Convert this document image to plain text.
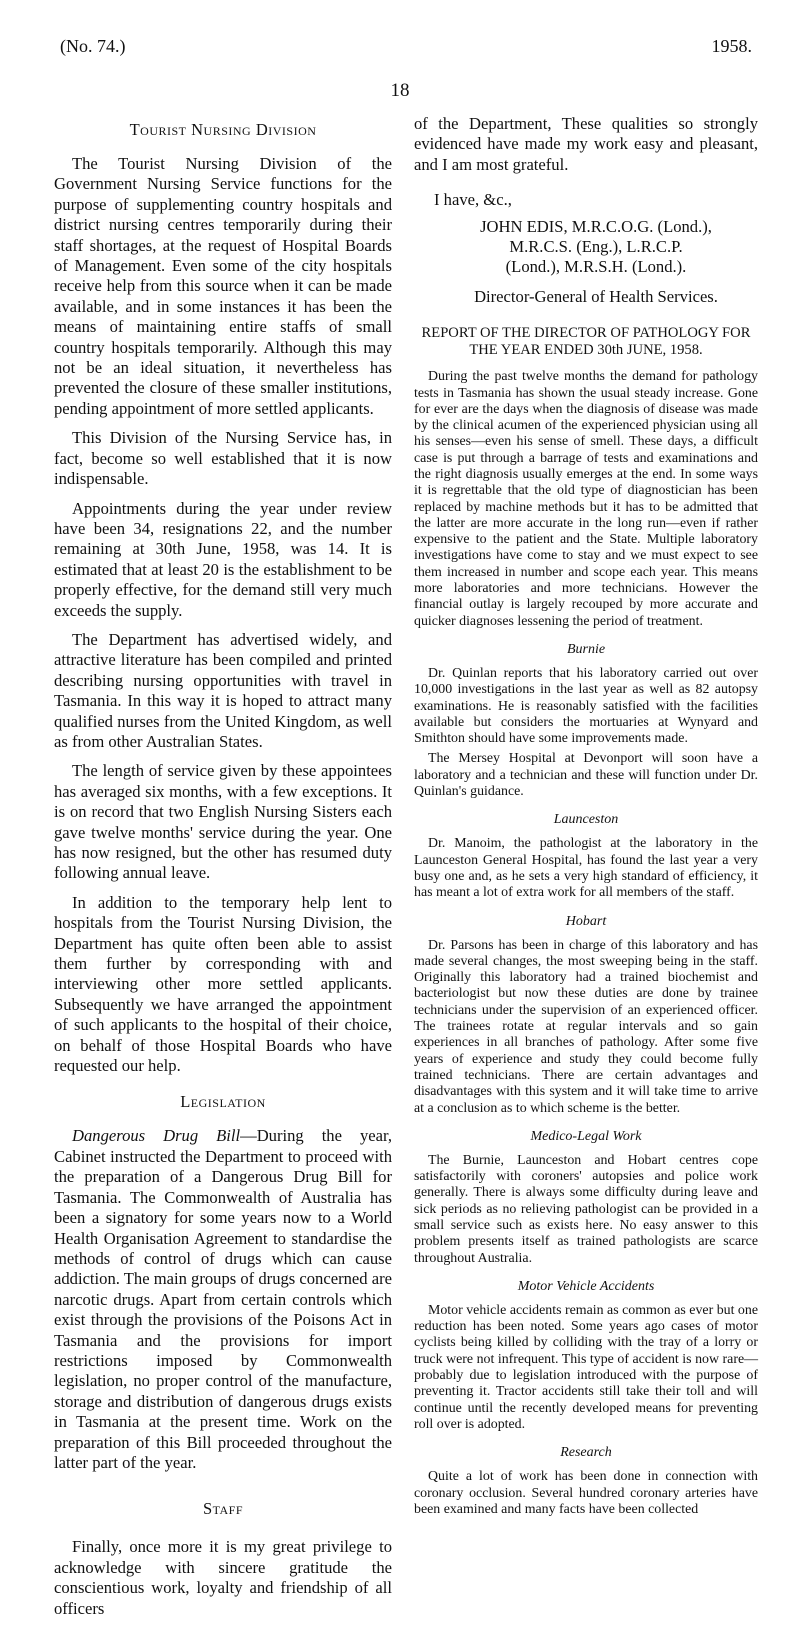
(No. 74.)
18
1958.
Tourist Nursing Division

The Tourist Nursing Division of the Government Nursing Service functions for the purpose of supplementing country hospitals and district nursing centres temporarily during their staff shortages, at the request of Hospital Boards of Management. Even some of the city hospitals receive help from this source when it can be made available, and in some instances it has been the means of maintaining entire staffs of small country hospitals temporarily. Although this may not be an ideal situation, it nevertheless has prevented the closure of these smaller institutions, pending appointment of more settled applicants.

This Division of the Nursing Service has, in fact, become so well established that it is now indispensable.

Appointments during the year under review have been 34, resignations 22, and the number remaining at 30th June, 1958, was 14. It is estimated that at least 20 is the establishment to be properly effective, for the demand still very much exceeds the supply.

The Department has advertised widely, and attractive literature has been compiled and printed describing nursing opportunities with travel in Tasmania. In this way it is hoped to attract many qualified nurses from the United Kingdom, as well as from other Australian States.

The length of service given by these appointees has averaged six months, with a few exceptions. It is on record that two English Nursing Sisters each gave twelve months' service during the year. One has now resigned, but the other has resumed duty following annual leave.

In addition to the temporary help lent to hospitals from the Tourist Nursing Division, the Department has quite often been able to assist them further by corresponding with and interviewing other more settled applicants. Subsequently we have arranged the appointment of such applicants to the hospital of their choice, on behalf of those Hospital Boards who have requested our help.

Legislation

Dangerous Drug Bill—During the year, Cabinet instructed the Department to proceed with the preparation of a Dangerous Drug Bill for Tasmania. The Commonwealth of Australia has been a signatory for some years now to a World Health Organisation Agreement to standardise the methods of control of drugs which can cause addiction. The main groups of drugs concerned are narcotic drugs. Apart from certain controls which exist through the provisions of the Poisons Act in Tasmania and the provisions for import restrictions imposed by Commonwealth legislation, no proper control of the manufacture, storage and distribution of dangerous drugs exists in Tasmania at the present time. Work on the preparation of this Bill proceeded throughout the latter part of the year.

Staff

Finally, once more it is my great privilege to acknowledge with sincere gratitude the conscientious work, loyalty and friendship of all officers

of the Department, These qualities so strongly evidenced have made my work easy and pleasant, and I am most grateful.

I have, &c.,
JOHN EDIS, M.R.C.O.G. (Lond.),
M.R.C.S. (Eng.), L.R.C.P.
(Lond.), M.R.S.H. (Lond.).
Director-General of Health Services.
REPORT OF THE DIRECTOR OF PATHOLOGY FOR
THE YEAR ENDED 30th JUNE, 1958.

During the past twelve months the demand for pathology tests in Tasmania has shown the usual steady increase. Gone for ever are the days when the diagnosis of disease was made by the clinical acumen of the experienced physician using all his senses—even his sense of smell. These days, a difficult case is put through a barrage of tests and examinations and the right diagnosis usually emerges at the end. In some ways it is regrettable that the old type of diagnostician has been replaced by machine methods but it has to be admitted that the latter are more accurate in the long run—even if rather expensive to the patient and the State. Multiple laboratory investigations have come to stay and we must expect to see them increased in number and scope each year. This means more laboratories and more technicians. However the financial outlay is largely recouped by more accurate and quicker diagnoses lessening the period of treatment.

Burnie

Dr. Quinlan reports that his laboratory carried out over 10,000 investigations in the last year as well as 82 autopsy examinations. He is reasonably satisfied with the facilities available but considers the mortuaries at Wynyard and Smithton should have some improvements made.

The Mersey Hospital at Devonport will soon have a laboratory and a technician and these will function under Dr. Quinlan's guidance.

Launceston

Dr. Manoim, the pathologist at the laboratory in the Launceston General Hospital, has found the last year a very busy one and, as he sets a very high standard of efficiency, it has meant a lot of extra work for all members of the staff.

Hobart

Dr. Parsons has been in charge of this laboratory and has made several changes, the most sweeping being in the staff. Originally this laboratory had a trained biochemist and bacteriologist but now these duties are done by trainee technicians under the supervision of an experienced officer. The trainees rotate at regular intervals and so gain experiences in all branches of pathology. After some five years of experience and study they could become fully trained technicians. There are certain advantages and disadvantages with this system and it will take time to arrive at a conclusion as to which scheme is the better.

Medico-Legal Work

The Burnie, Launceston and Hobart centres cope satisfactorily with coroners' autopsies and police work generally. There is always some difficulty during leave and sick periods as no relieving pathologist can be provided in a small service such as exists here. No easy answer to this problem presents itself as trained pathologists are scarce throughout Australia.

Motor Vehicle Accidents

Motor vehicle accidents remain as common as ever but one reduction has been noted. Some years ago cases of motor cyclists being killed by colliding with the tray of a lorry or truck were not infrequent. This type of accident is now rare—probably due to legislation introduced with the purpose of preventing it. Tractor accidents still take their toll and will continue until the recently developed means for preventing roll over is adopted.

Research

Quite a lot of work has been done in connection with coronary occlusion. Several hundred coronary arteries have been examined and many facts have been collected
